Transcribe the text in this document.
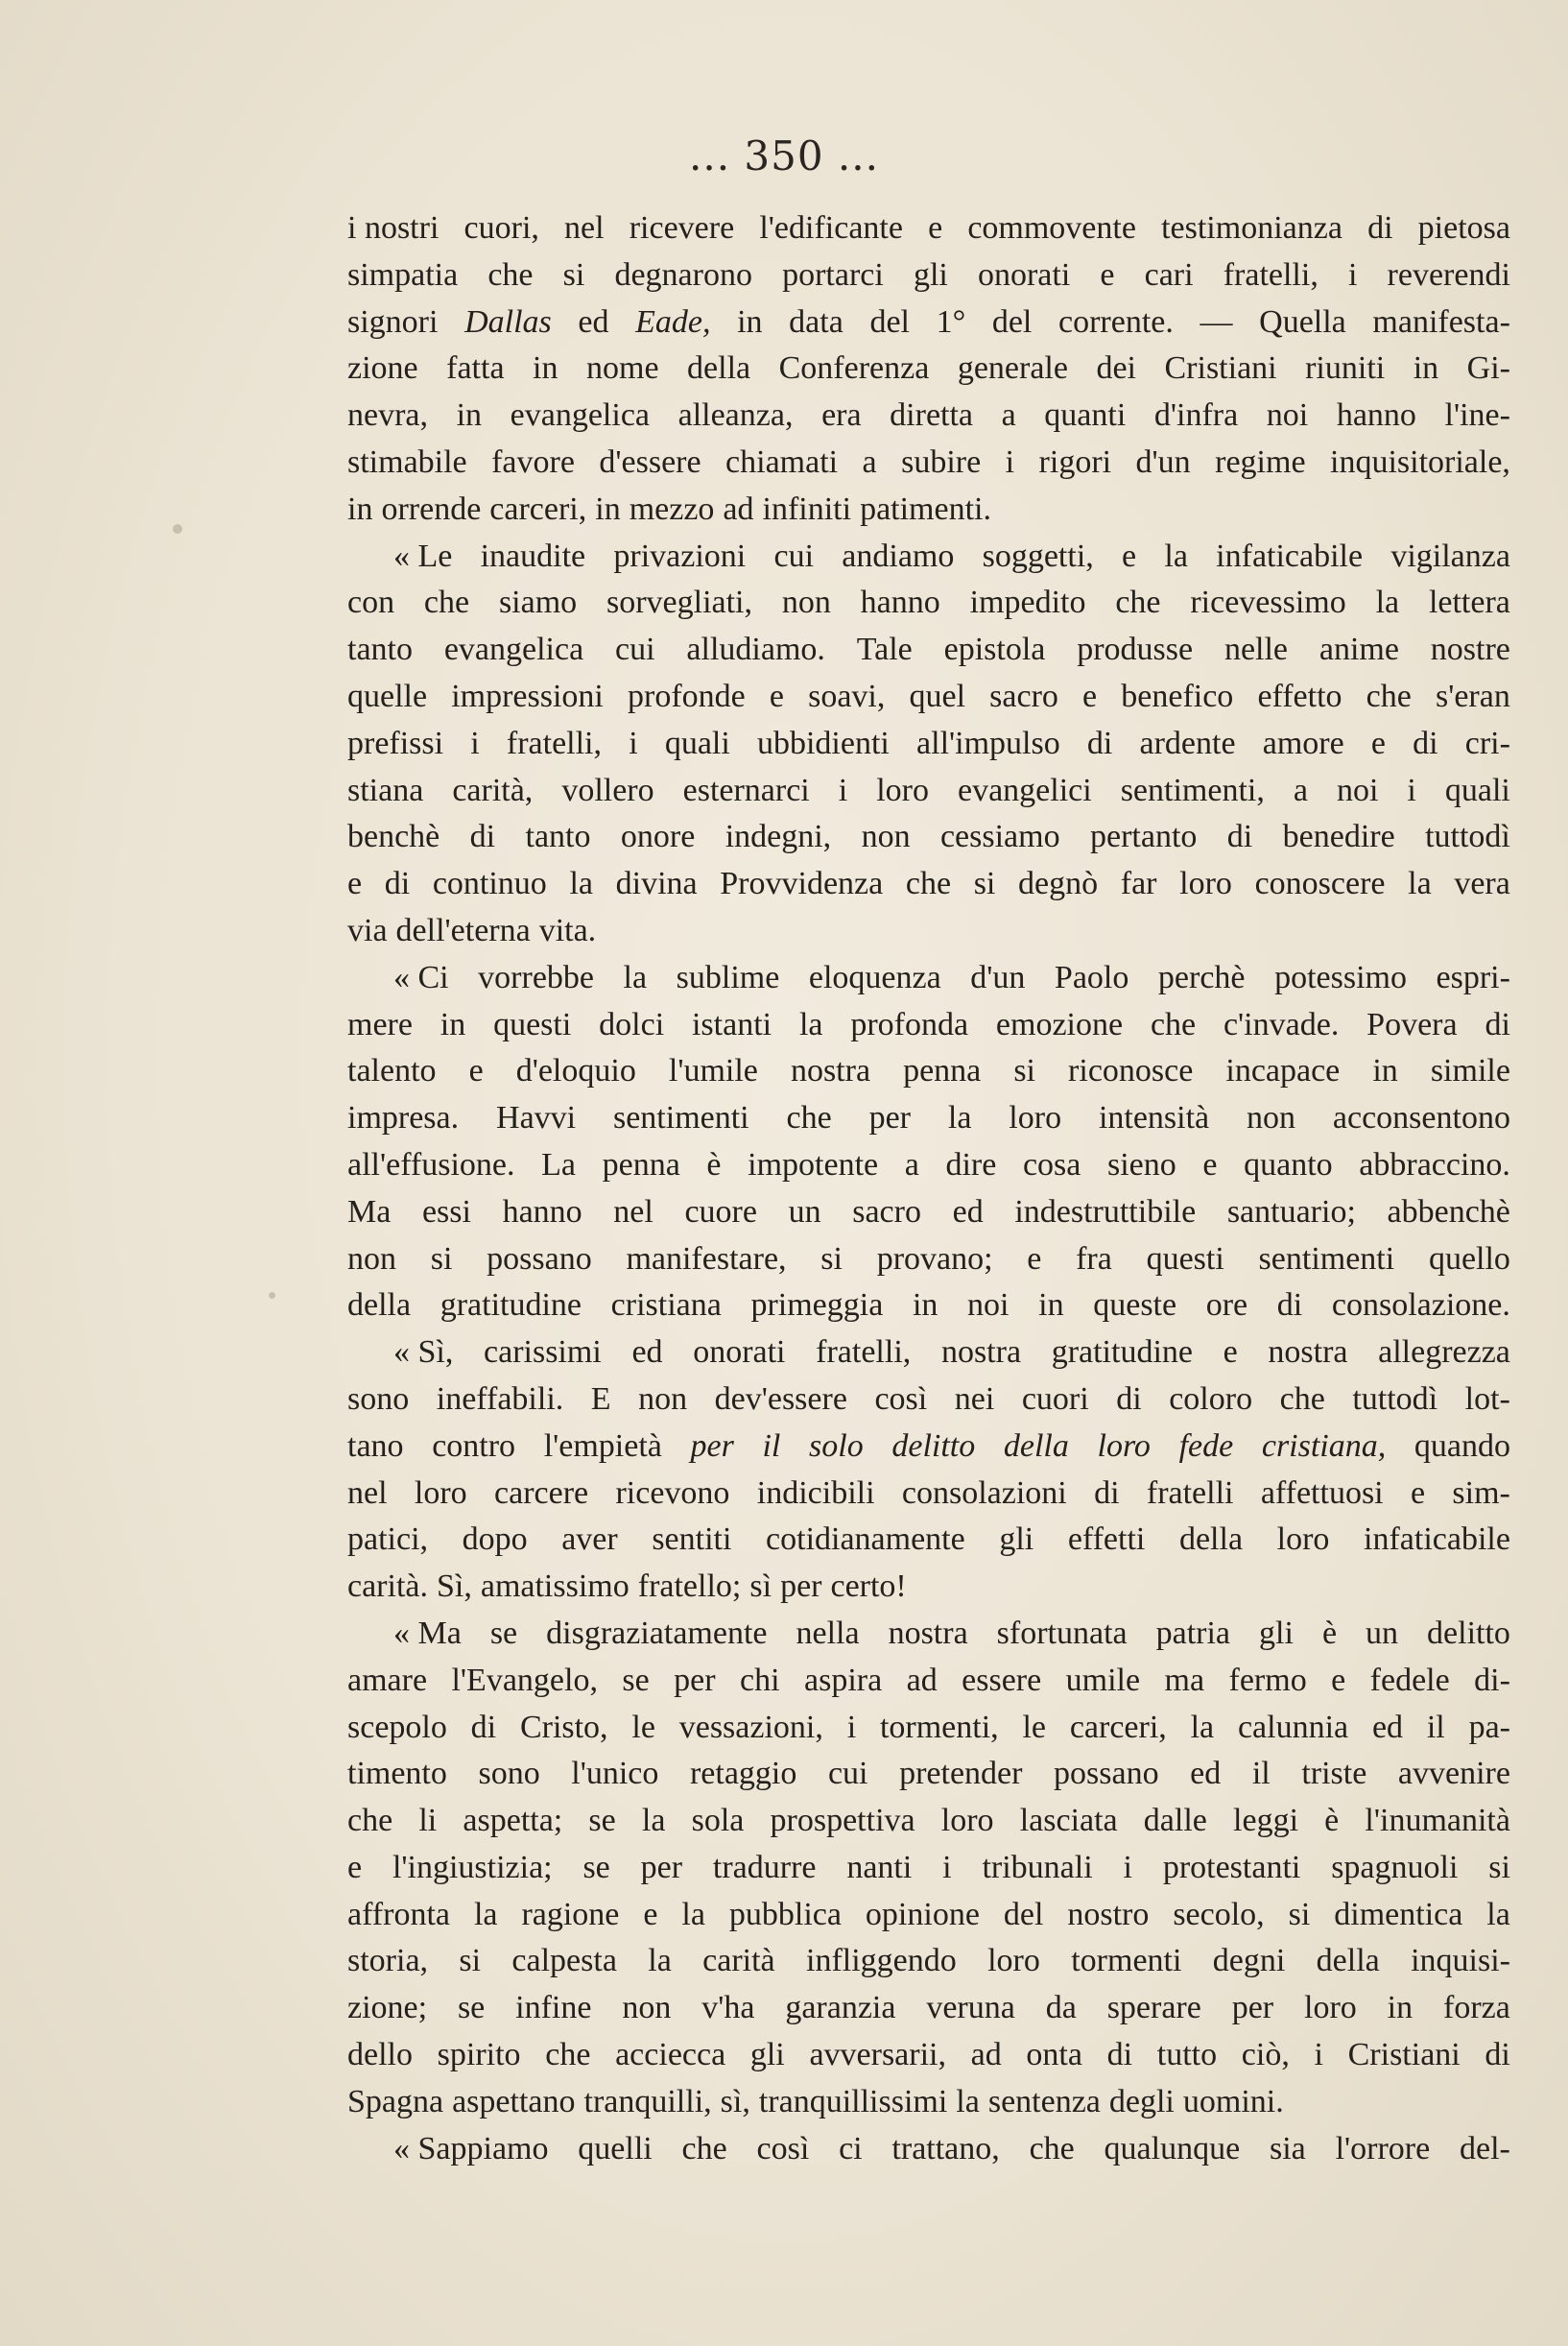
... 350 ...
i nostri cuori, nel ricevere l'edificante e commovente testimonianza di pietosa
simpatia che si degnarono portarci gli onorati e cari fratelli, i reverendi
signori Dallas ed Eade, in data del 1° del corrente. — Quella manifesta-
zione fatta in nome della Conferenza generale dei Cristiani riuniti in Gi-
nevra, in evangelica alleanza, era diretta a quanti d'infra noi hanno l'ine-
stimabile favore d'essere chiamati a subire i rigori d'un regime inquisitoriale,
in orrende carceri, in mezzo ad infiniti patimenti.
« Le inaudite privazioni cui andiamo soggetti, e la infaticabile vigilanza
con che siamo sorvegliati, non hanno impedito che ricevessimo la lettera
tanto evangelica cui alludiamo. Tale epistola produsse nelle anime nostre
quelle impressioni profonde e soavi, quel sacro e benefico effetto che s'eran
prefissi i fratelli, i quali ubbidienti all'impulso di ardente amore e di cri-
stiana carità, vollero esternarci i loro evangelici sentimenti, a noi i quali
benchè di tanto onore indegni, non cessiamo pertanto di benedire tuttodì
e di continuo la divina Provvidenza che si degnò far loro conoscere la vera
via dell'eterna vita.
« Ci vorrebbe la sublime eloquenza d'un Paolo perchè potessimo espri-
mere in questi dolci istanti la profonda emozione che c'invade. Povera di
talento e d'eloquio l'umile nostra penna si riconosce incapace in simile
impresa. Havvi sentimenti che per la loro intensità non acconsentono
all'effusione. La penna è impotente a dire cosa sieno e quanto abbraccino.
Ma essi hanno nel cuore un sacro ed indestruttibile santuario; abbenchè
non si possano manifestare, si provano; e fra questi sentimenti quello
della gratitudine cristiana primeggia in noi in queste ore di consolazione.
« Sì, carissimi ed onorati fratelli, nostra gratitudine e nostra allegrezza
sono ineffabili. E non dev'essere così nei cuori di coloro che tuttodì lot-
tano contro l'empietà per il solo delitto della loro fede cristiana, quando
nel loro carcere ricevono indicibili consolazioni di fratelli affettuosi e sim-
patici, dopo aver sentiti cotidianamente gli effetti della loro infaticabile
carità. Sì, amatissimo fratello; sì per certo!
« Ma se disgraziatamente nella nostra sfortunata patria gli è un delitto
amare l'Evangelo, se per chi aspira ad essere umile ma fermo e fedele di-
scepolo di Cristo, le vessazioni, i tormenti, le carceri, la calunnia ed il pa-
timento sono l'unico retaggio cui pretender possano ed il triste avvenire
che li aspetta; se la sola prospettiva loro lasciata dalle leggi è l'inumanità
e l'ingiustizia; se per tradurre nanti i tribunali i protestanti spagnuoli si
affronta la ragione e la pubblica opinione del nostro secolo, si dimentica la
storia, si calpesta la carità infliggendo loro tormenti degni della inquisi-
zione; se infine non v'ha garanzia veruna da sperare per loro in forza
dello spirito che acciecca gli avversarii, ad onta di tutto ciò, i Cristiani di
Spagna aspettano tranquilli, sì, tranquillissimi la sentenza degli uomini.
« Sappiamo quelli che così ci trattano, che qualunque sia l'orrore del-
